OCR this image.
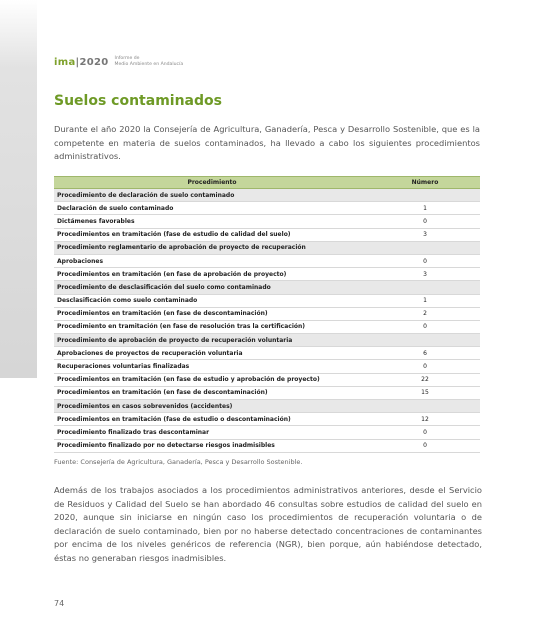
ima|2020 Informe de
Medio Ambiente en Andalucía
Suelos contaminados

Durante el año 2020 la Consejería de Agricultura, Ganadería, Pesca y Desarrollo Sostenible, que es la competente en materia de suelos contaminados, ha llevado a cabo los siguientes procedimientos administrativos.

Procedimiento	Número
Procedimiento de declaración de suelo contaminado	
Declaración de suelo contaminado	1
Dictámenes favorables	0
Procedimientos en tramitación (fase de estudio de calidad del suelo)	3
Procedimiento reglamentario de aprobación de proyecto de recuperación	
Aprobaciones	0
Procedimientos en tramitación (en fase de aprobación de proyecto)	3
Procedimiento de desclasificación del suelo como contaminado	
Desclasificación como suelo contaminado	1
Procedimientos en tramitación (en fase de descontaminación)	2
Procedimiento en tramitación (en fase de resolución tras la certificación)	0
Procedimiento de aprobación de proyecto de recuperación voluntaria	
Aprobaciones de proyectos de recuperación voluntaria	6
Recuperaciones voluntarias finalizadas	0
Procedimientos en tramitación (en fase de estudio y aprobación de proyecto)	22
Procedimientos en tramitación (en fase de descontaminación)	15
Procedimientos en casos sobrevenidos (accidentes)	
Procedimientos en tramitación (fase de estudio o descontaminación)	12
Procedimiento finalizado tras descontaminar	0
Procedimiento finalizado por no detectarse riesgos inadmisibles	0
Fuente: Consejería de Agricultura, Ganadería, Pesca y Desarrollo Sostenible.

Además de los trabajos asociados a los procedimientos administrativos anteriores, desde el Servicio de Residuos y Calidad del Suelo se han abordado 46 consultas sobre estudios de calidad del suelo en 2020, aunque sin iniciarse en ningún caso los procedimientos de recuperación voluntaria o de declaración de suelo contaminado, bien por no haberse detectado concentraciones de contaminantes por encima de los niveles genéricos de referencia (NGR), bien porque, aún habiéndose detectado, éstas no generaban riesgos inadmisibles.

74
